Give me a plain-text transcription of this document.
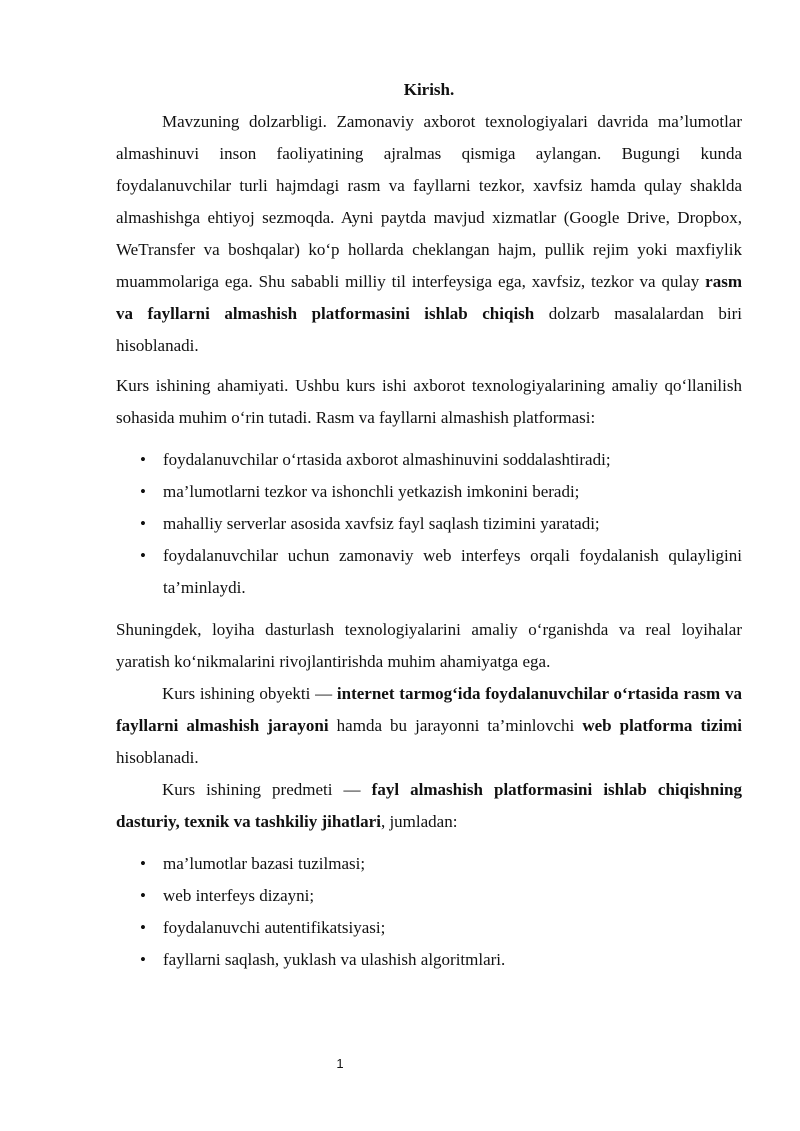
Kirish.

Mavzuning dolzarbligi. Zamonaviy axborot texnologiyalari davrida ma’lumotlar almashinuvi inson faoliyatining ajralmas qismiga aylangan. Bugungi kunda foydalanuvchilar turli hajmdagi rasm va fayllarni tezkor, xavfsiz hamda qulay shaklda almashishga ehtiyoj sezmoqda. Ayni paytda mavjud xizmatlar (Google Drive, Dropbox, WeTransfer va boshqalar) ko‘p hollarda cheklangan hajm, pullik rejim yoki maxfiylik muammolariga ega. Shu sababli milliy til interfeysiga ega, xavfsiz, tezkor va qulay rasm va fayllarni almashish platformasini ishlab chiqish dolzarb masalalardan biri hisoblanadi.

Kurs ishining ahamiyati. Ushbu kurs ishi axborot texnologiyalarining amaliy qo‘llanilish sohasida muhim o‘rin tutadi. Rasm va fayllarni almashish platformasi:

• foydalanuvchilar o‘rtasida axborot almashinuvini soddalashtiradi;
• ma’lumotlarni tezkor va ishonchli yetkazish imkonini beradi;
• mahalliy serverlar asosida xavfsiz fayl saqlash tizimini yaratadi;
• foydalanuvchilar uchun zamonaviy web interfeys orqali foydalanish qulayligini ta’minlaydi.

Shuningdek, loyiha dasturlash texnologiyalarini amaliy o‘rganishda va real loyihalar yaratish ko‘nikmalarini rivojlantirishda muhim ahamiyatga ega.

Kurs ishining obyekti — internet tarmog‘ida foydalanuvchilar o‘rtasida rasm va fayllarni almashish jarayoni hamda bu jarayonni ta’minlovchi web platforma tizimi hisoblanadi.

Kurs ishining predmeti — fayl almashish platformasini ishlab chiqishning dasturiy, texnik va tashkiliy jihatlari, jumladan:

• ma’lumotlar bazasi tuzilmasi;
• web interfeys dizayni;
• foydalanuvchi autentifikatsiyasi;
• fayllarni saqlash, yuklash va ulashish algoritmlari.
1
